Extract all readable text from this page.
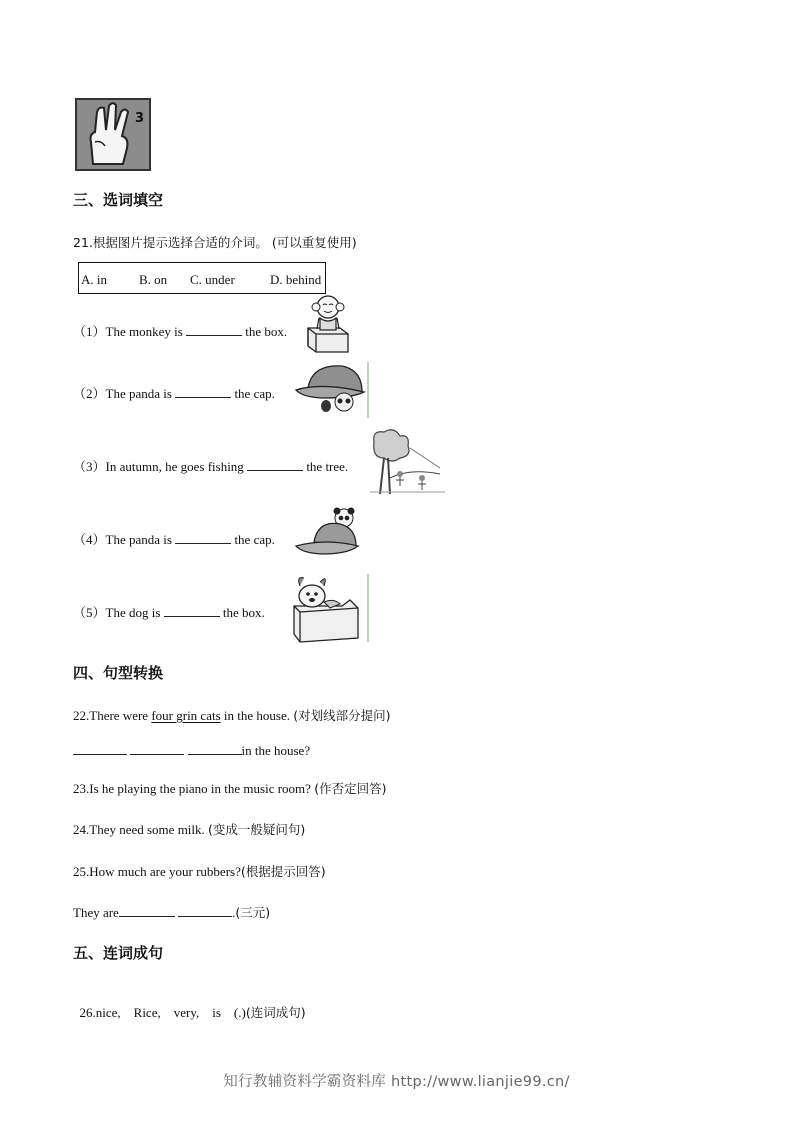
3
三、选词填空
21.根据图片提示选择合适的介词。 (可以重复使用)
A. in B. on C. under	D. behind
（1）The monkey is	the box.
（2）The panda is	the cap.
（3）In autumn, he goes fishing	the tree.
（4）The panda is	the cap.
（5）The dog is	the box.
四、句型转换
22.There were four grin cats in the house. (对划线部分提问)
in the house?
23.Is he playing the piano in the music room? (作否定回答)
24.They need some milk. (变成一般疑问句)
25.How much are your rubbers?(根据提示回答)
They are	.(三元)
五、连词成句

26.nice,    Rice,    very,    is    (.)(连词成句)

知行教辅资料学霸资料库 http://www.lianjie99.cn/
